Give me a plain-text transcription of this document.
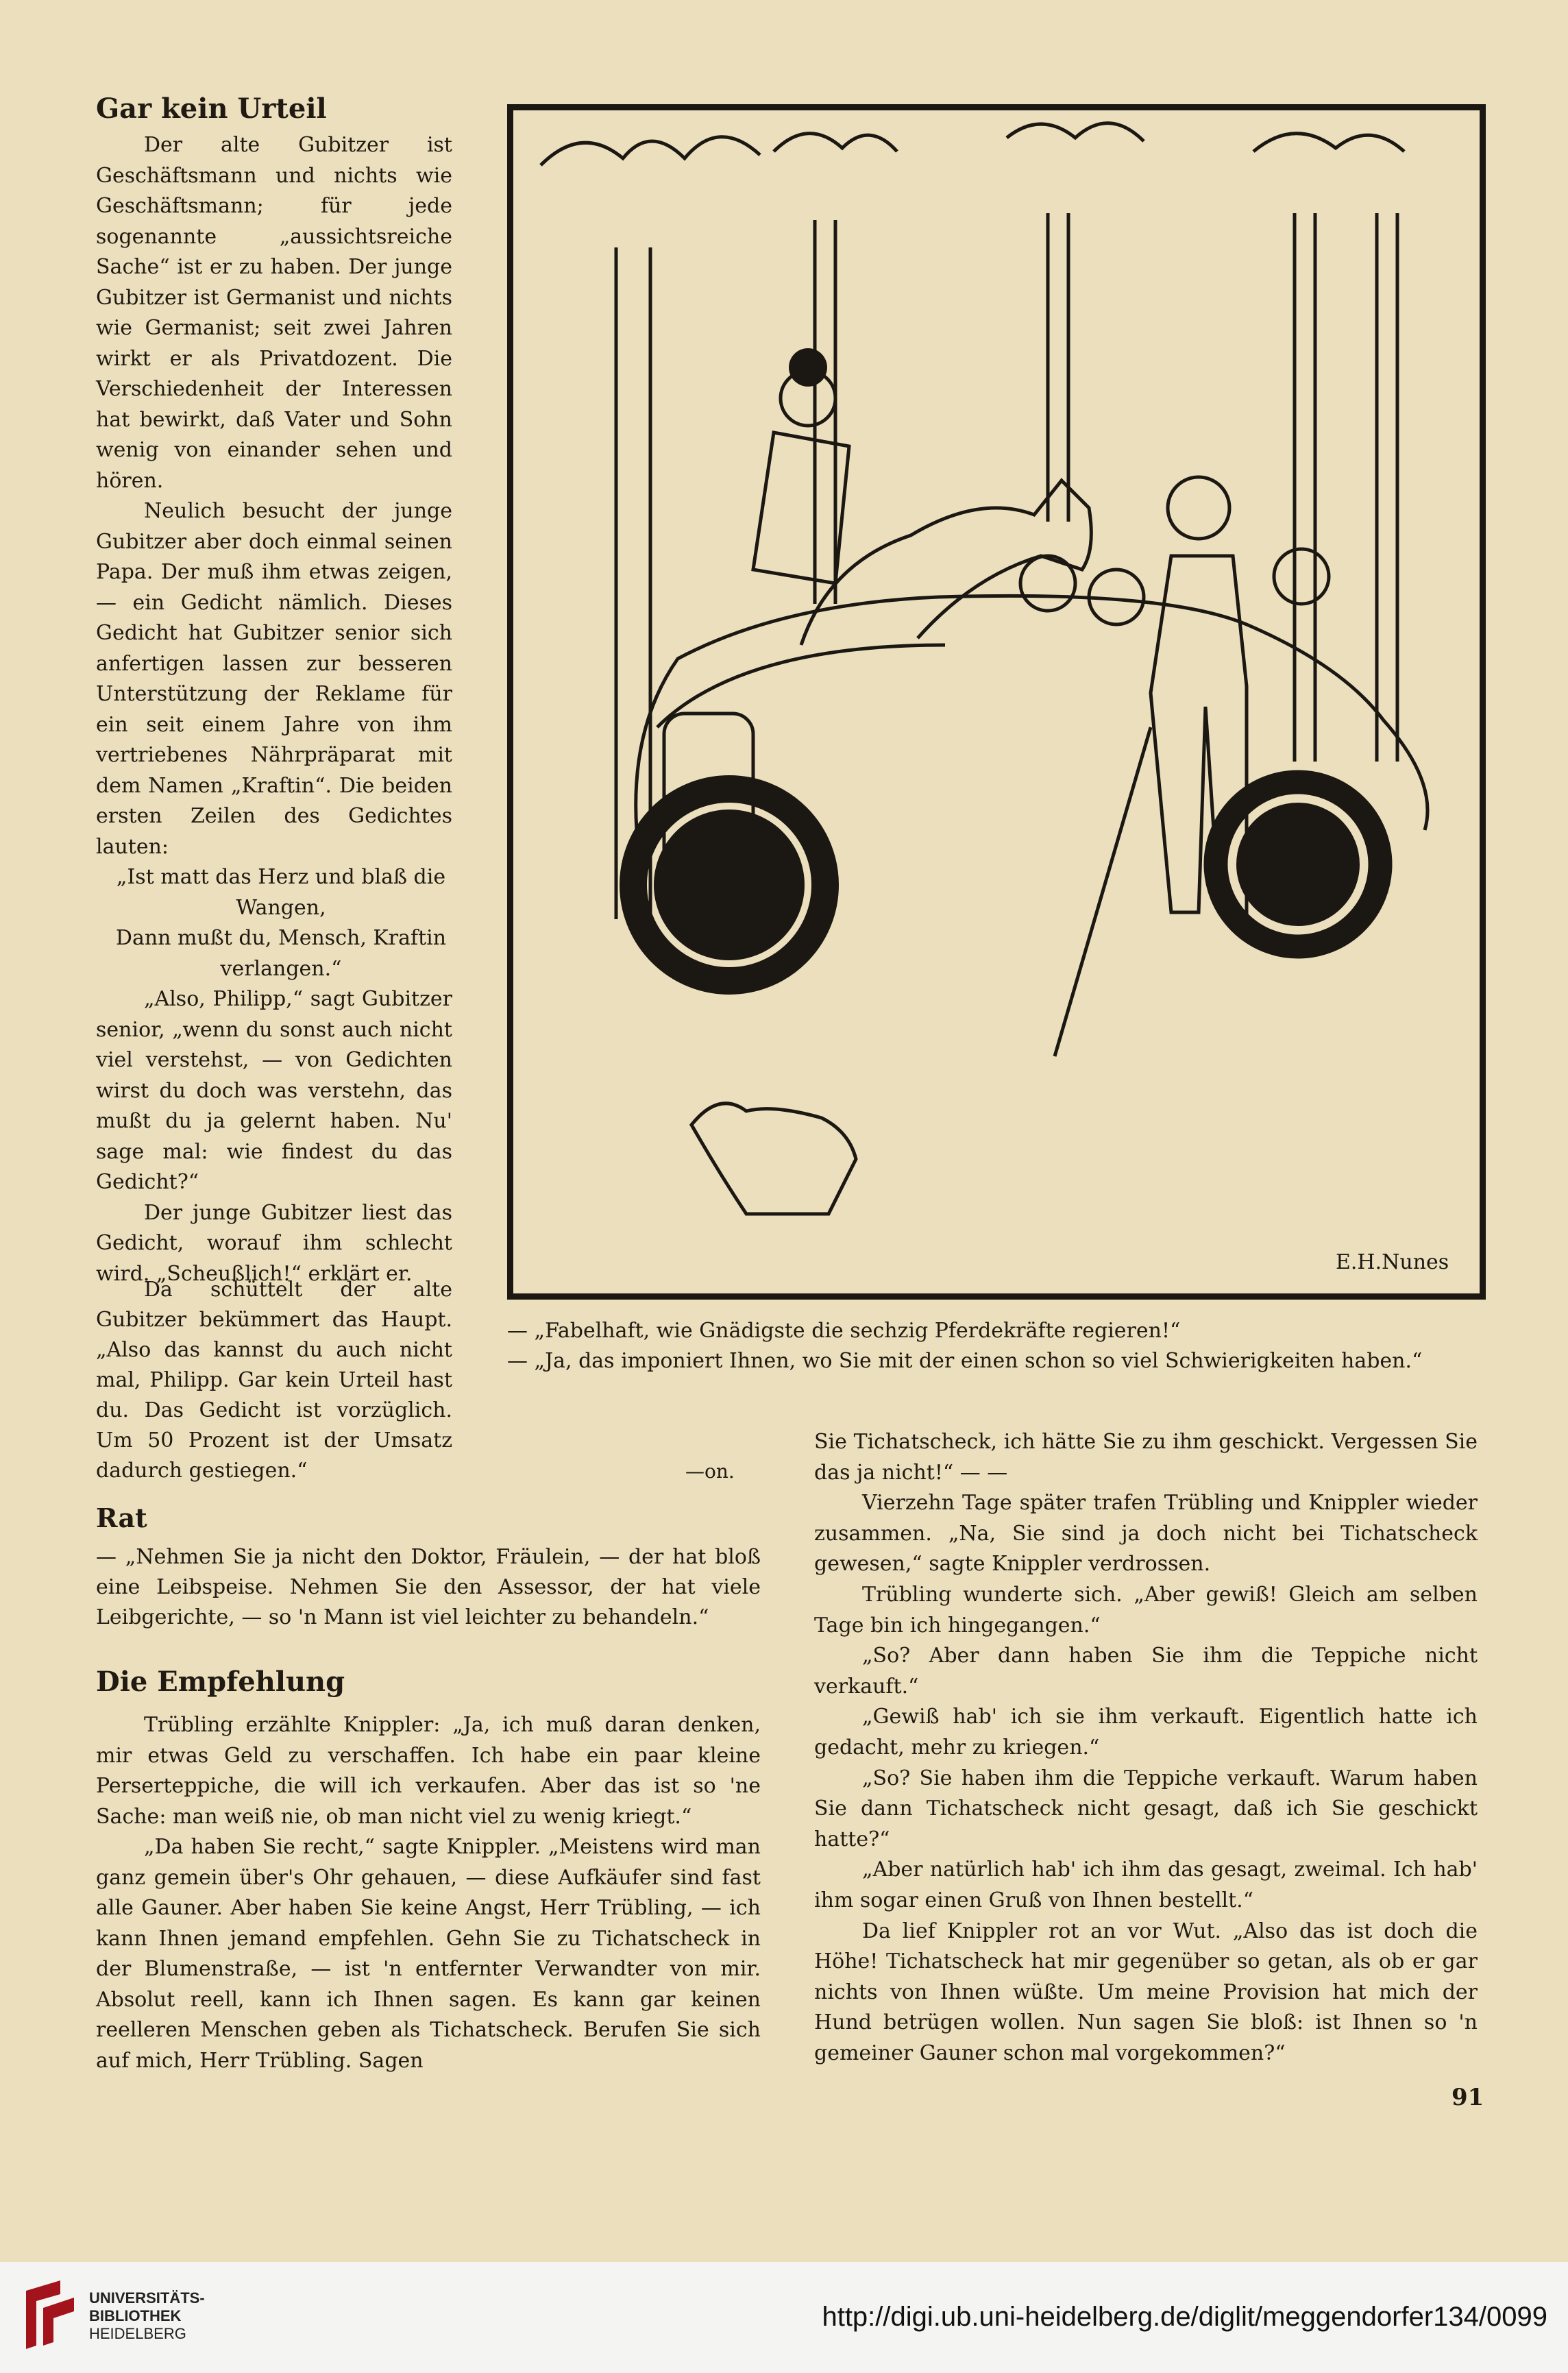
Gar kein Urteil

Der alte Gubitzer ist Geschäftsmann und nichts wie Geschäftsmann; für jede sogenannte „aussichtsreiche Sache“ ist er zu haben. Der junge Gubitzer ist Germanist und nichts wie Germanist; seit zwei Jahren wirkt er als Privatdozent. Die Verschiedenheit der Interessen hat bewirkt, daß Vater und Sohn wenig von einander sehen und hören.

Neulich besucht der junge Gubitzer aber doch einmal seinen Papa. Der muß ihm etwas zeigen, — ein Gedicht nämlich. Dieses Gedicht hat Gubitzer senior sich anfertigen lassen zur besseren Unterstützung der Reklame für ein seit einem Jahre von ihm vertriebenes Nährpräparat mit dem Namen „Kraftin“. Die beiden ersten Zeilen des Gedichtes lauten:

„Ist matt das Herz und blaß die Wangen,

Dann mußt du, Mensch, Kraftin verlangen.“

„Also, Philipp,“ sagt Gubitzer senior, „wenn du sonst auch nicht viel verstehst, — von Gedichten wirst du doch was verstehn, das mußt du ja gelernt haben. Nu' sage mal: wie findest du das Gedicht?“

Der junge Gubitzer liest das Gedicht, worauf ihm schlecht wird. „Scheußlich!“ erklärt er.

Da schüttelt der alte Gubitzer bekümmert das Haupt. „Also das kannst du auch nicht mal, Philipp. Gar kein Urteil hast du. Das Gedicht ist vorzüglich. Um 50 Prozent ist der Umsatz dadurch gestiegen.“	—on.
E.H.Nunes
— „Fabelhaft, wie Gnädigste die sechzig Pferdekräfte regieren!“
— „Ja, das imponiert Ihnen, wo Sie mit der einen schon so viel Schwierigkeiten haben.“
Rat

— „Nehmen Sie ja nicht den Doktor, Fräulein, — der hat bloß eine Leibspeise. Nehmen Sie den Assessor, der hat viele Leibgerichte, — so 'n Mann ist viel leichter zu behandeln.“

Die Empfehlung

Trübling erzählte Knippler: „Ja, ich muß daran denken, mir etwas Geld zu verschaffen. Ich habe ein paar kleine Perserteppiche, die will ich verkaufen. Aber das ist so 'ne Sache: man weiß nie, ob man nicht viel zu wenig kriegt.“

„Da haben Sie recht,“ sagte Knippler. „Meistens wird man ganz gemein über's Ohr gehauen, — diese Aufkäufer sind fast alle Gauner. Aber haben Sie keine Angst, Herr Trübling, — ich kann Ihnen jemand empfehlen. Gehn Sie zu Tichatscheck in der Blumenstraße, — ist 'n entfernter Verwandter von mir. Absolut reell, kann ich Ihnen sagen. Es kann gar keinen reelleren Menschen geben als Tichatscheck. Berufen Sie sich auf mich, Herr Trübling. Sagen

Sie Tichatscheck, ich hätte Sie zu ihm geschickt. Vergessen Sie das ja nicht!“ — —

Vierzehn Tage später trafen Trübling und Knippler wieder zusammen. „Na, Sie sind ja doch nicht bei Tichatscheck gewesen,“ sagte Knippler verdrossen.

Trübling wunderte sich. „Aber gewiß! Gleich am selben Tage bin ich hingegangen.“

„So? Aber dann haben Sie ihm die Teppiche nicht verkauft.“

„Gewiß hab' ich sie ihm verkauft. Eigentlich hatte ich gedacht, mehr zu kriegen.“

„So? Sie haben ihm die Teppiche verkauft. Warum haben Sie dann Tichatscheck nicht gesagt, daß ich Sie geschickt hatte?“

„Aber natürlich hab' ich ihm das gesagt, zweimal. Ich hab' ihm sogar einen Gruß von Ihnen bestellt.“

Da lief Knippler rot an vor Wut. „Also das ist doch die Höhe! Tichatscheck hat mir gegenüber so getan, als ob er gar nichts von Ihnen wüßte. Um meine Provision hat mich der Hund betrügen wollen. Nun sagen Sie bloß: ist Ihnen so 'n gemeiner Gauner schon mal vorgekommen?“

91
UNIVERSITÄTS-
BIBLIOTHEK
HEIDELBERG
http://digi.ub.uni-heidelberg.de/diglit/meggendorfer134/0099
